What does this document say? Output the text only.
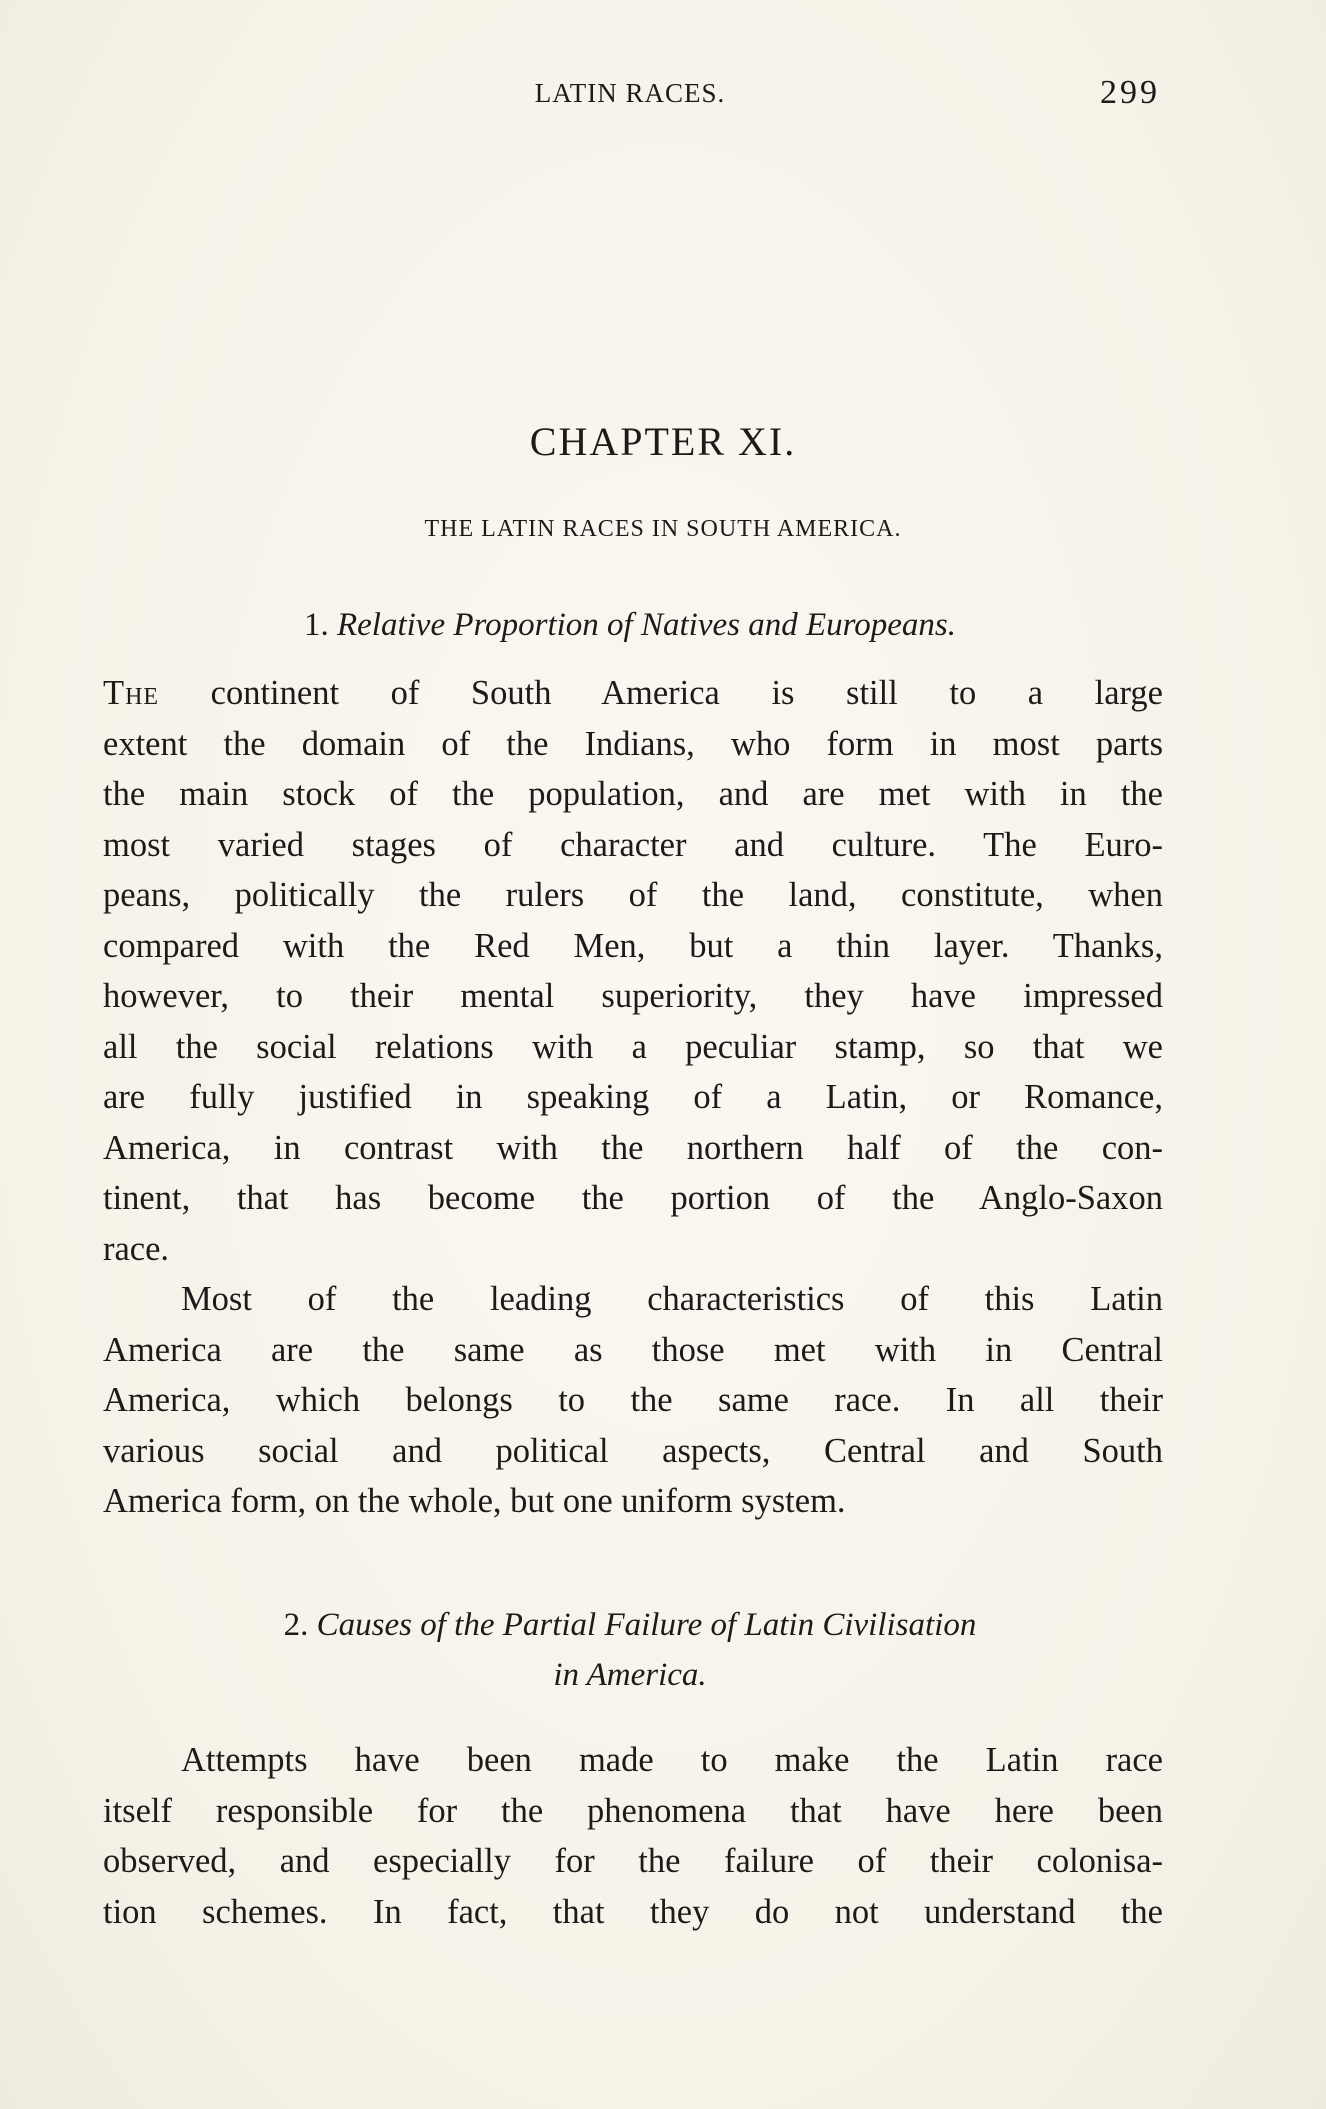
LATIN RACES.	299
CHAPTER XI.
THE LATIN RACES IN SOUTH AMERICA.
1. Relative Proportion of Natives and Europeans.
The continent of South America is still to a large
extent the domain of the Indians, who form in most parts
the main stock of the population, and are met with in the
most varied stages of character and culture. The Euro-
peans, politically the rulers of the land, constitute, when
compared with the Red Men, but a thin layer. Thanks,
however, to their mental superiority, they have impressed
all the social relations with a peculiar stamp, so that we
are fully justified in speaking of a Latin, or Romance,
America, in contrast with the northern half of the con-
tinent, that has become the portion of the Anglo-Saxon
race.
Most of the leading characteristics of this Latin
America are the same as those met with in Central
America, which belongs to the same race. In all their
various social and political aspects, Central and South
America form, on the whole, but one uniform system.
2. Causes of the Partial Failure of Latin Civilisation
in America.
Attempts have been made to make the Latin race
itself responsible for the phenomena that have here been
observed, and especially for the failure of their colonisa-
tion schemes. In fact, that they do not understand the
